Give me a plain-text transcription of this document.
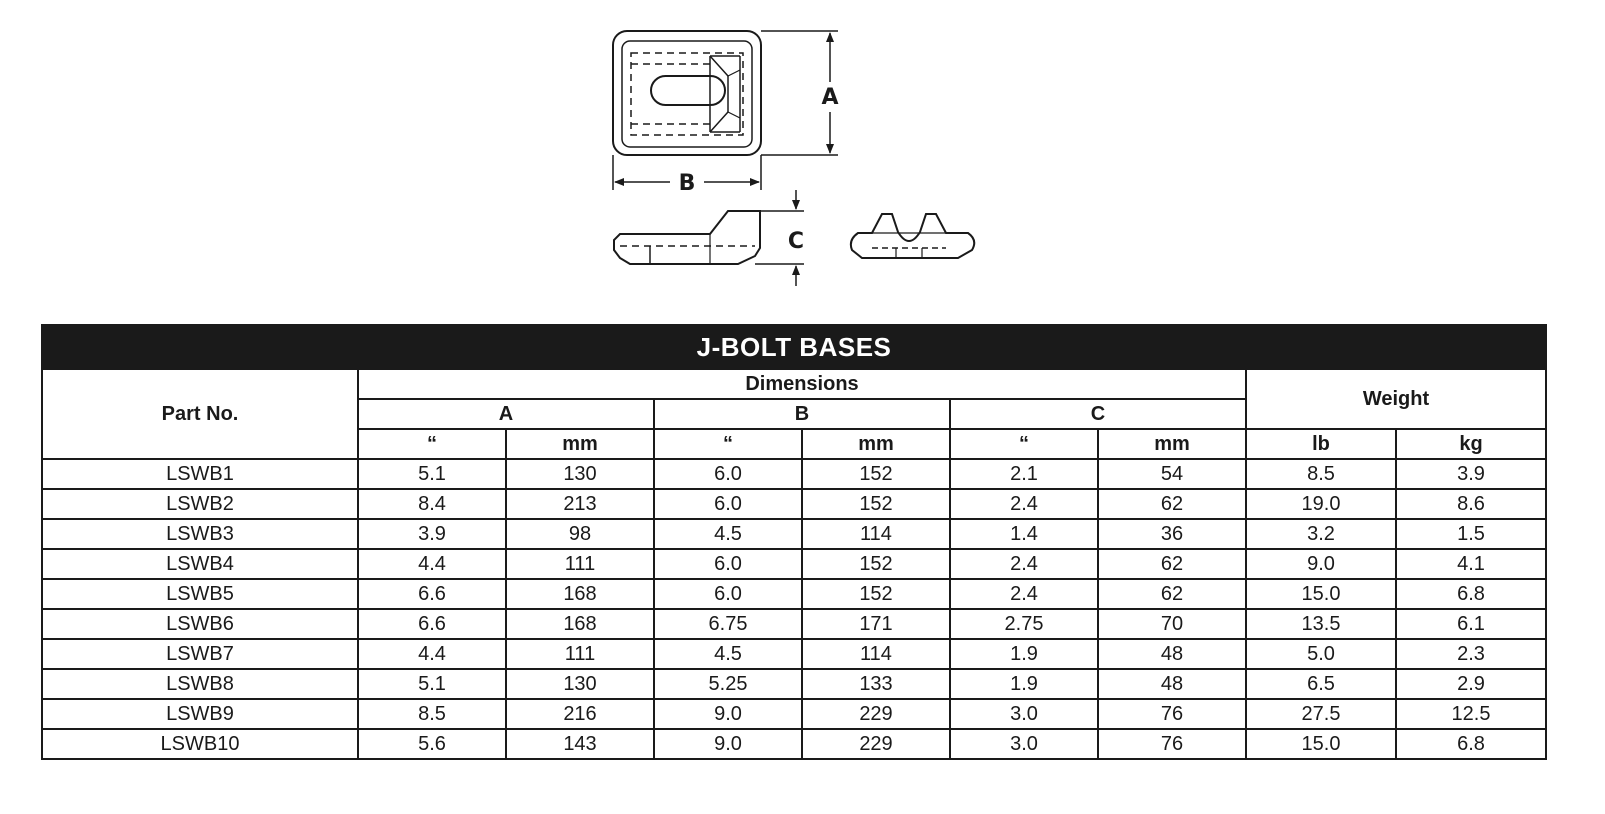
A
B
C
J-BOLT BASES								
Part No.	Dimensions						Weight	
	A		B		C			
	“	mm	“	mm	“	mm	lb	kg
LSWB1	5.1	130	6.0	152	2.1	54	8.5	3.9
LSWB2	8.4	213	6.0	152	2.4	62	19.0	8.6
LSWB3	3.9	98	4.5	114	1.4	36	3.2	1.5
LSWB4	4.4	111	6.0	152	2.4	62	9.0	4.1
LSWB5	6.6	168	6.0	152	2.4	62	15.0	6.8
LSWB6	6.6	168	6.75	171	2.75	70	13.5	6.1
LSWB7	4.4	111	4.5	114	1.9	48	5.0	2.3
LSWB8	5.1	130	5.25	133	1.9	48	6.5	2.9
LSWB9	8.5	216	9.0	229	3.0	76	27.5	12.5
LSWB10	5.6	143	9.0	229	3.0	76	15.0	6.8
